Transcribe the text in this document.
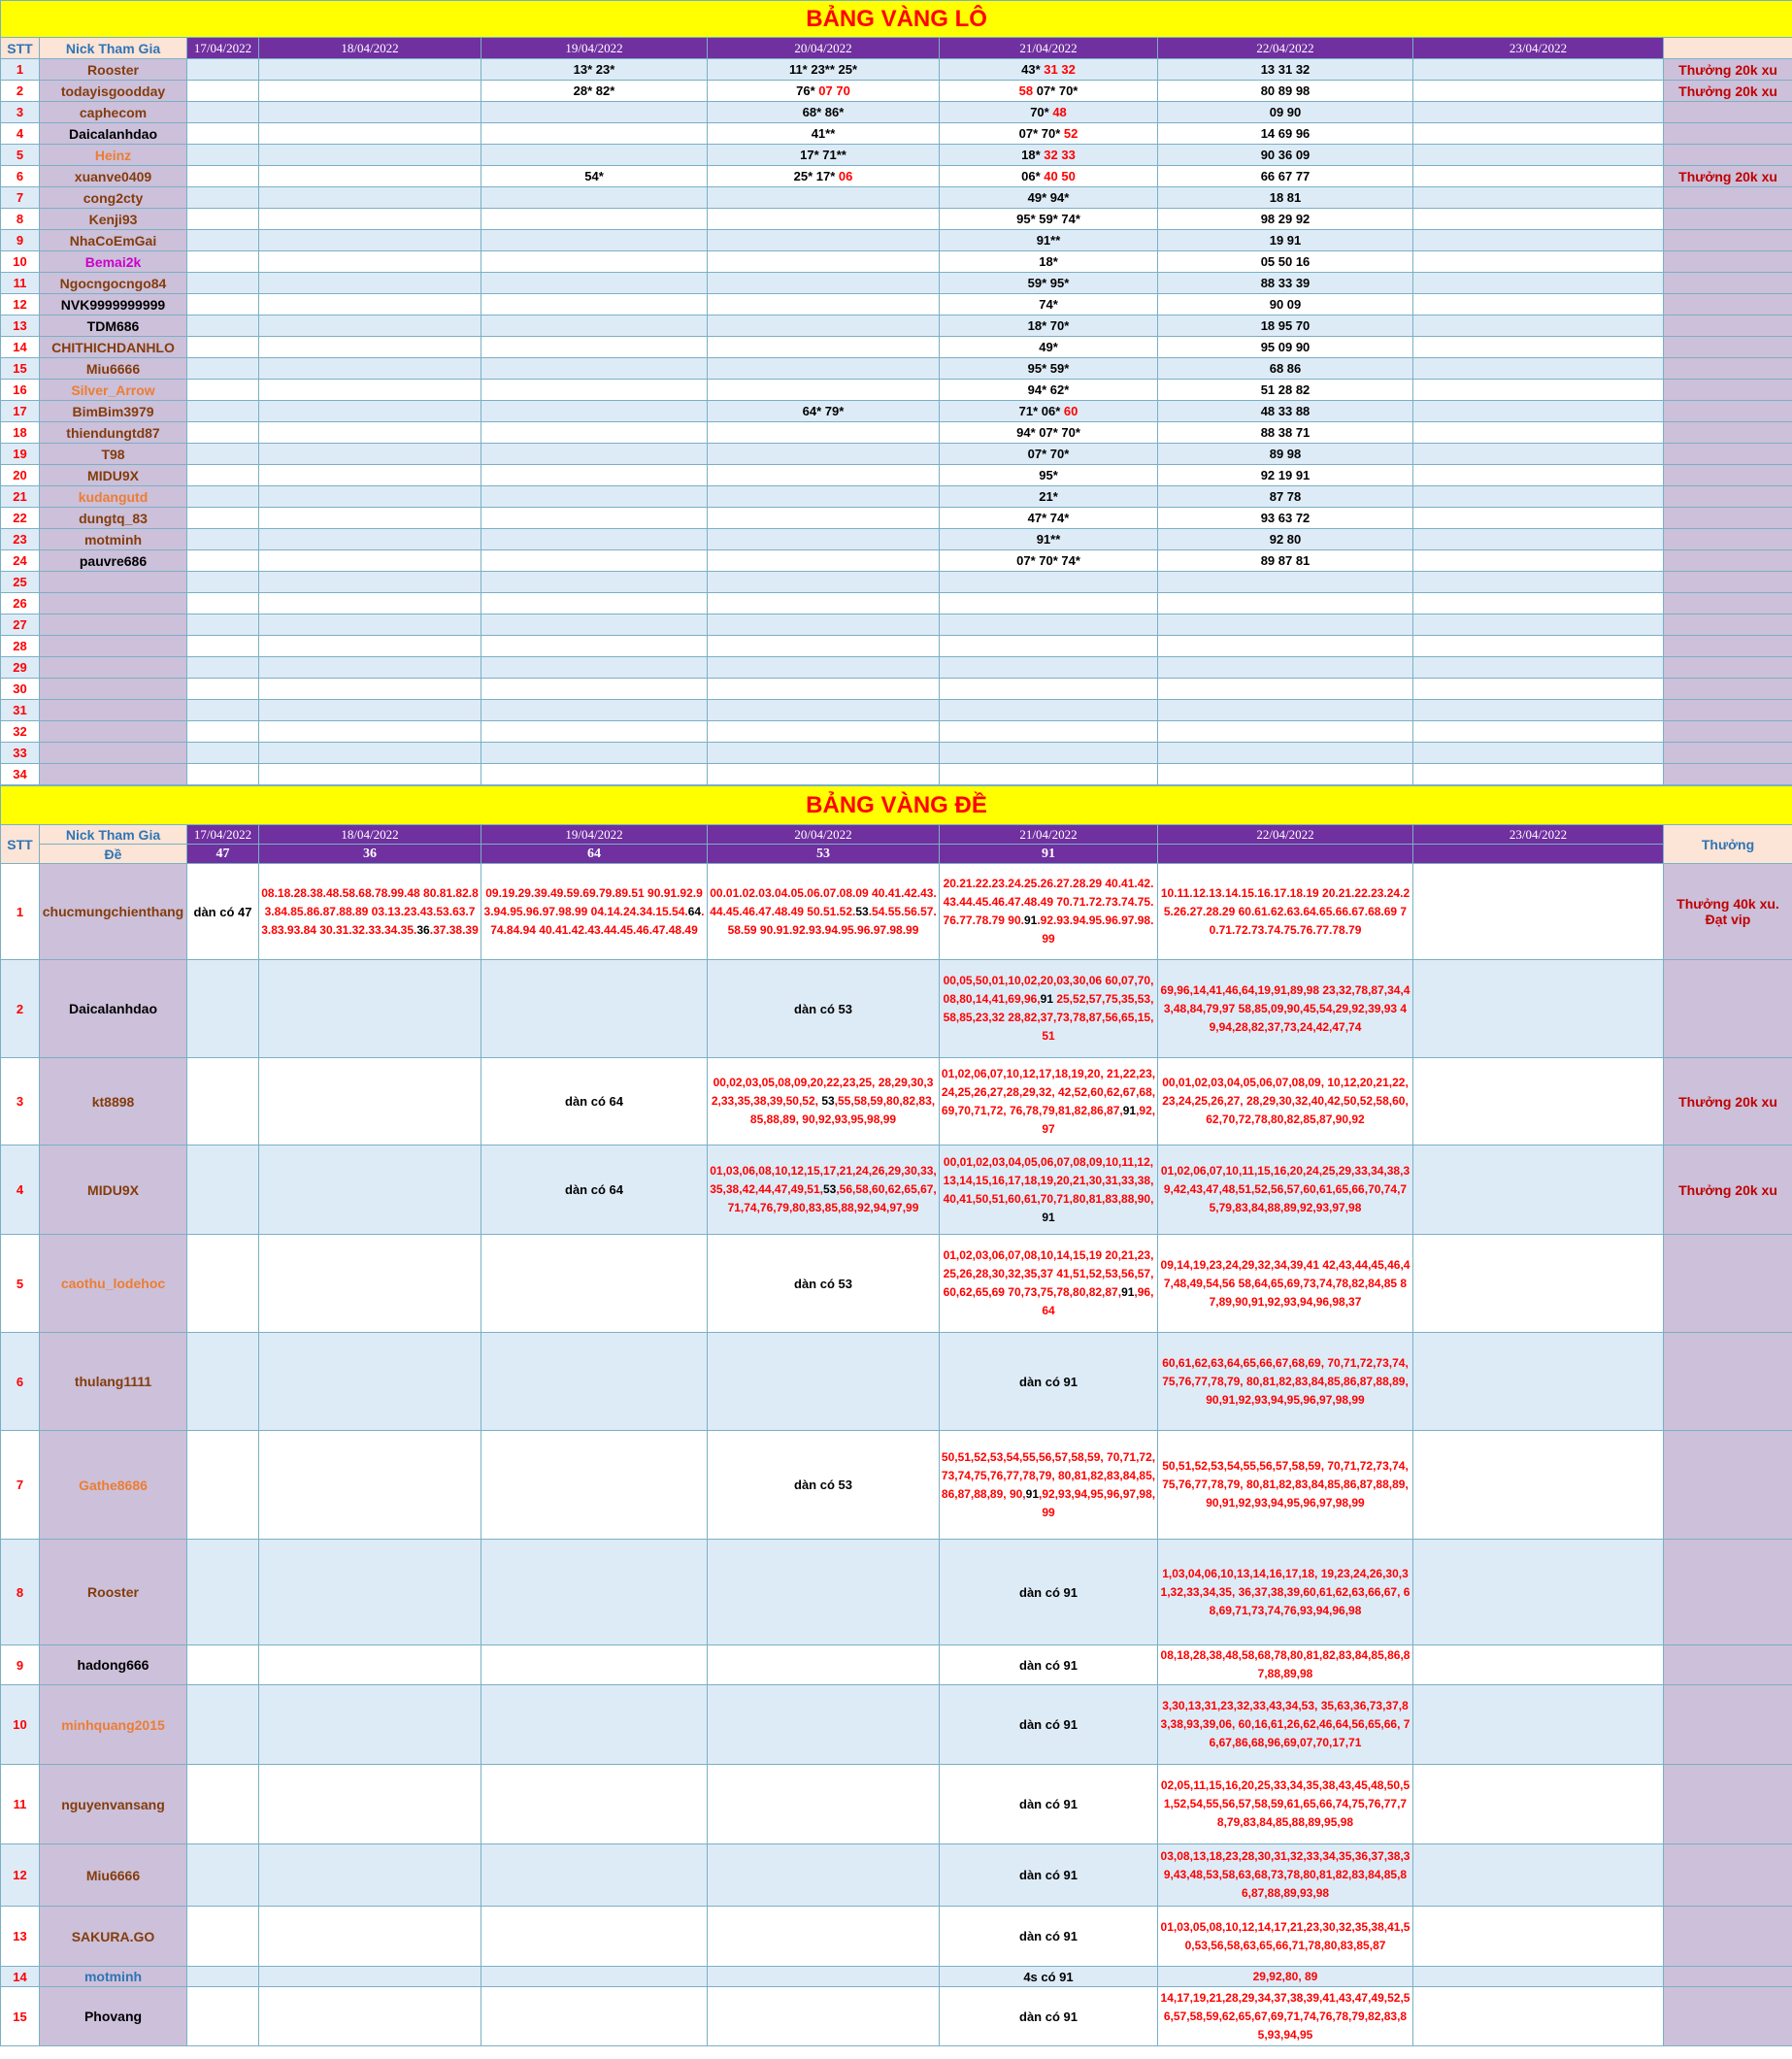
BẢNG VÀNG LÔ									
STT	Nick Tham Gia	17/04/2022	18/04/2022	19/04/2022	20/04/2022	21/04/2022	22/04/2022	23/04/2022	
1	Rooster			13* 23*	11* 23** 25*	43* 31 32	13 31 32		Thưởng 20k xu
2	todayisgoodday			28* 82*	76* 07 70	58 07* 70*	80 89 98		Thưởng 20k xu
3	caphecom				68* 86*	70* 48	09 90		
4	Daicalanhdao				41**	07* 70* 52	14 69 96		
5	Heinz				17* 71**	18* 32 33	90 36 09		
6	xuanve0409			54*	25* 17* 06	06* 40 50	66 67 77		Thưởng 20k xu
7	cong2cty					49* 94*	18 81		
8	Kenji93					95* 59* 74*	98 29 92		
9	NhaCoEmGai					91**	19 91		
10	Bemai2k					18*	05 50 16		
11	Ngocngocngo84					59* 95*	88 33 39		
12	NVK9999999999					74*	90 09		
13	TDM686					18* 70*	18 95 70		
14	CHITHICHDANHLO					49*	95 09 90		
15	Miu6666					95* 59*	68 86		
16	Silver_Arrow					94* 62*	51 28 82		
17	BimBim3979				64* 79*	71* 06* 60	48 33 88		
18	thiendungtd87					94* 07* 70*	88 38 71		
19	T98					07* 70*	89 98		
20	MIDU9X					95*	92 19 91		
21	kudangutd					21*	87 78		
22	dungtq_83					47* 74*	93 63 72		
23	motminh					91**	92 80		
24	pauvre686					07* 70* 74*	89 87 81		
25									
26									
27									
28									
29									
30									
31									
32									
33									
34									
BẢNG VÀNG ĐỀ									
STT	Nick Tham Gia	17/04/2022	18/04/2022	19/04/2022	20/04/2022	21/04/2022	22/04/2022	23/04/2022	Thưởng
	Đề	47	36	64	53	91			
1	chucmungchienthang	dàn có 47	08.18.28.38.48.58.68.78.99.48 80.81.82.83.84.85.86.87.88.89 03.13.23.43.53.63.73.83.93.84 30.31.32.33.34.35.36.37.38.39	09.19.29.39.49.59.69.79.89.51 90.91.92.93.94.95.96.97.98.99 04.14.24.34.15.54.64.74.84.94 40.41.42.43.44.45.46.47.48.49	00.01.02.03.04.05.06.07.08.09 40.41.42.43.44.45.46.47.48.49 50.51.52.53.54.55.56.57.58.59 90.91.92.93.94.95.96.97.98.99	20.21.22.23.24.25.26.27.28.29 40.41.42.43.44.45.46.47.48.49 70.71.72.73.74.75.76.77.78.79 90.91.92.93.94.95.96.97.98.99	10.11.12.13.14.15.16.17.18.19 20.21.22.23.24.25.26.27.28.29 60.61.62.63.64.65.66.67.68.69 70.71.72.73.74.75.76.77.78.79		Thưởng 40k xu. Đạt vip
2	Daicalanhdao				dàn có 53	00,05,50,01,10,02,20,03,30,06 60,07,70,08,80,14,41,69,96,91 25,52,57,75,35,53,58,85,23,32 28,82,37,73,78,87,56,65,15,51	69,96,14,41,46,64,19,91,89,98 23,32,78,87,34,43,48,84,79,97 58,85,09,90,45,54,29,92,39,93 49,94,28,82,37,73,24,42,47,74		
3	kt8898			dàn có 64	00,02,03,05,08,09,20,22,23,25, 28,29,30,32,33,35,38,39,50,52, 53,55,58,59,80,82,83,85,88,89, 90,92,93,95,98,99	01,02,06,07,10,12,17,18,19,20, 21,22,23,24,25,26,27,28,29,32, 42,52,60,62,67,68,69,70,71,72, 76,78,79,81,82,86,87,91,92,97	00,01,02,03,04,05,06,07,08,09, 10,12,20,21,22,23,24,25,26,27, 28,29,30,32,40,42,50,52,58,60, 62,70,72,78,80,82,85,87,90,92		Thưởng 20k xu
4	MIDU9X			dàn có 64	01,03,06,08,10,12,15,17,21,24,26,29,30,33,35,38,42,44,47,49,51,53,56,58,60,62,65,67,71,74,76,79,80,83,85,88,92,94,97,99	00,01,02,03,04,05,06,07,08,09,10,11,12,13,14,15,16,17,18,19,20,21,30,31,33,38,40,41,50,51,60,61,70,71,80,81,83,88,90,91	01,02,06,07,10,11,15,16,20,24,25,29,33,34,38,39,42,43,47,48,51,52,56,57,60,61,65,66,70,74,75,79,83,84,88,89,92,93,97,98		Thưởng 20k xu
5	caothu_lodehoc				dàn có 53	01,02,03,06,07,08,10,14,15,19 20,21,23,25,26,28,30,32,35,37 41,51,52,53,56,57,60,62,65,69 70,73,75,78,80,82,87,91,96,64	09,14,19,23,24,29,32,34,39,41 42,43,44,45,46,47,48,49,54,56 58,64,65,69,73,74,78,82,84,85 87,89,90,91,92,93,94,96,98,37		
6	thulang1111					dàn có 91	60,61,62,63,64,65,66,67,68,69, 70,71,72,73,74,75,76,77,78,79, 80,81,82,83,84,85,86,87,88,89, 90,91,92,93,94,95,96,97,98,99		
7	Gathe8686				dàn có 53	50,51,52,53,54,55,56,57,58,59, 70,71,72,73,74,75,76,77,78,79, 80,81,82,83,84,85,86,87,88,89, 90,91,92,93,94,95,96,97,98,99	50,51,52,53,54,55,56,57,58,59, 70,71,72,73,74,75,76,77,78,79, 80,81,82,83,84,85,86,87,88,89, 90,91,92,93,94,95,96,97,98,99		
8	Rooster					dàn có 91	1,03,04,06,10,13,14,16,17,18, 19,23,24,26,30,31,32,33,34,35, 36,37,38,39,60,61,62,63,66,67, 68,69,71,73,74,76,93,94,96,98		
9	hadong666					dàn có 91	08,18,28,38,48,58,68,78,80,81,82,83,84,85,86,87,88,89,98		
10	minhquang2015					dàn có 91	3,30,13,31,23,32,33,43,34,53, 35,63,36,73,37,83,38,93,39,06, 60,16,61,26,62,46,64,56,65,66, 76,67,86,68,96,69,07,70,17,71		
11	nguyenvansang					dàn có 91	02,05,11,15,16,20,25,33,34,35,38,43,45,48,50,51,52,54,55,56,57,58,59,61,65,66,74,75,76,77,78,79,83,84,85,88,89,95,98		
12	Miu6666					dàn có 91	03,08,13,18,23,28,30,31,32,33,34,35,36,37,38,39,43,48,53,58,63,68,73,78,80,81,82,83,84,85,86,87,88,89,93,98		
13	SAKURA.GO					dàn có 91	01,03,05,08,10,12,14,17,21,23,30,32,35,38,41,50,53,56,58,63,65,66,71,78,80,83,85,87		
14	motminh					4s có 91	29,92,80, 89		
15	Phovang					dàn có 91	14,17,19,21,28,29,34,37,38,39,41,43,47,49,52,56,57,58,59,62,65,67,69,71,74,76,78,79,82,83,85,93,94,95		
